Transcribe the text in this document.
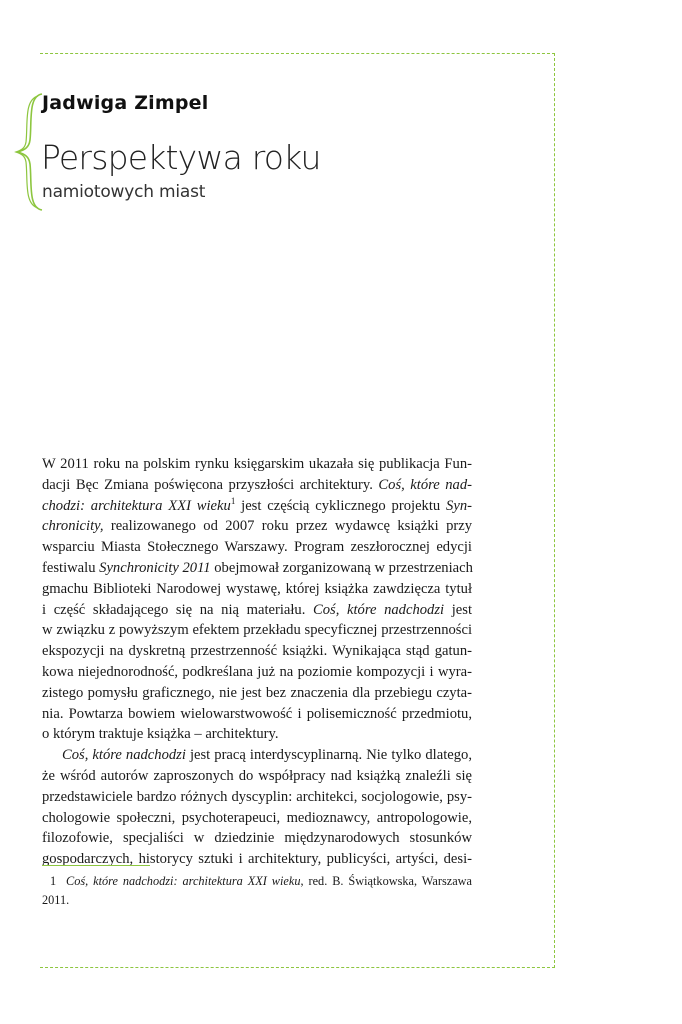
Jadwiga Zimpel
Perspektywa roku
namiotowych miast
W 2011 roku na polskim rynku księgarskim ukazała się publikacja Fun-
dacji Bęc Zmiana poświęcona przyszłości architektury. Coś, które nad-
chodzi: architektura XXI wieku$^1$ jest częścią cyklicznego projektu Syn-
chronicity, realizowanego od 2007 roku przez wydawcę książki przy
wsparciu Miasta Stołecznego Warszawy. Program zeszłorocznej edycji
festiwalu Synchronicity 2011 obejmował zorganizowaną w przestrzeniach
gmachu Biblioteki Narodowej wystawę, której książka zawdzięcza tytuł
i część składającego się na nią materiału. Coś, które nadchodzi jest
w związku z powyższym efektem przekładu specyficznej przestrzenności
ekspozycji na dyskretną przestrzenność książki. Wynikająca stąd gatun-
kowa niejednorodność, podkreślana już na poziomie kompozycji i wyra-
zistego pomysłu graficznego, nie jest bez znaczenia dla przebiegu czyta-
nia. Powtarza bowiem wielowarstwowość i polisemiczność przedmiotu,
o którym traktuje książka – architektury.
Coś, które nadchodzi jest pracą interdyscyplinarną. Nie tylko dlatego,
że wśród autorów zaproszonych do współpracy nad książką znaleźli się
przedstawiciele bardzo różnych dyscyplin: architekci, socjologowie, psy-
chologowie społeczni, psychoterapeuci, medioznawcy, antropologowie,
filozofowie, specjaliści w dziedzinie międzynarodowych stosunków
gospodarczych, historycy sztuki i architektury, publicyści, artyści, desi-
1 Coś, które nadchodzi: architektura XXI wieku, red. B. Świątkowska, Warszawa
2011.
